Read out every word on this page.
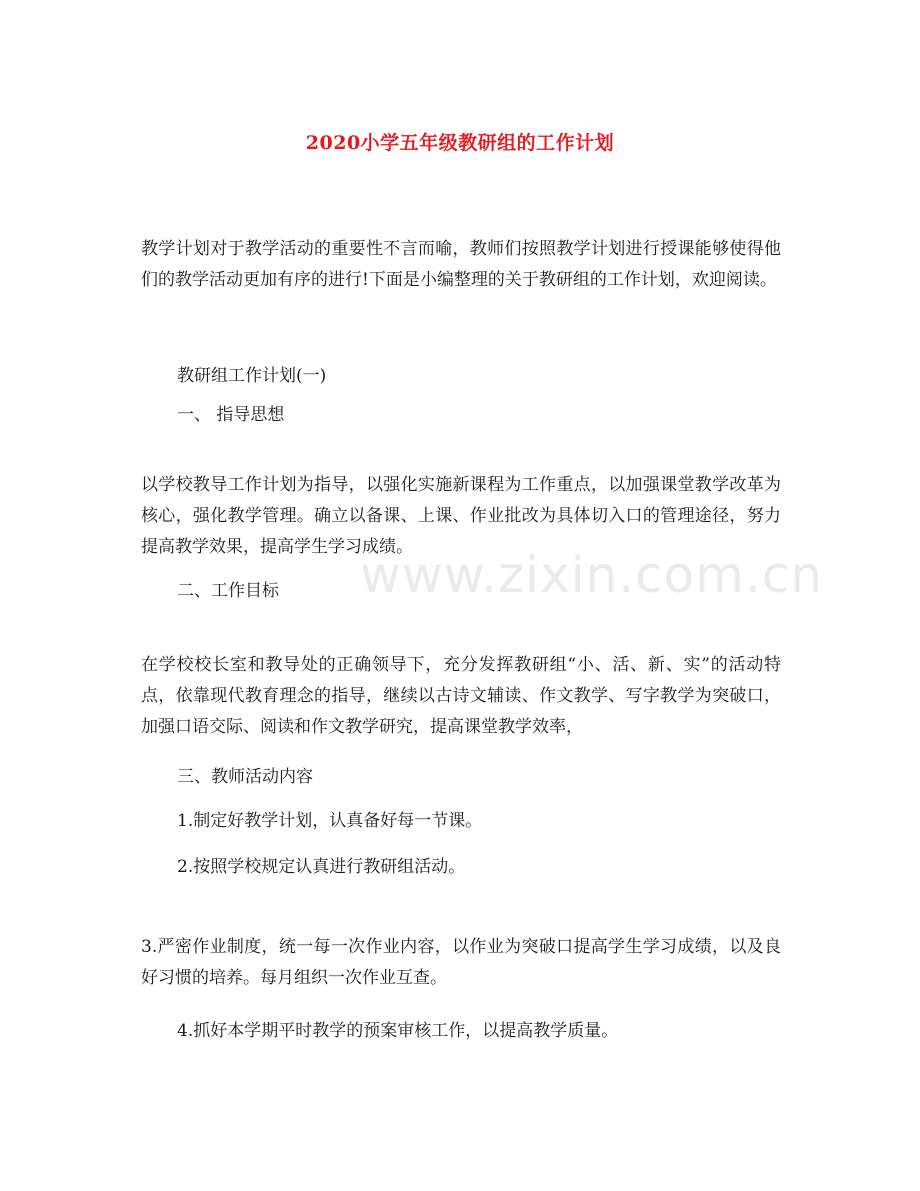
2020小学五年级教研组的工作计划

教学计划对于教学活动的重要性不言而喻，教师们按照教学计划进行授课能够使得他们的教学活动更加有序的进行!下面是小编整理的关于教研组的工作计划，欢迎阅读。

教研组工作计划(一)

一、 指导思想

以学校教导工作计划为指导，以强化实施新课程为工作重点，以加强课堂教学改革为核心，强化教学管理。确立以备课、上课、作业批改为具体切入口的管理途径，努力提高教学效果，提高学生学习成绩。

二、工作目标

在学校校长室和教导处的正确领导下，充分发挥教研组“小、活、新、实”的活动特点，依靠现代教育理念的指导，继续以古诗文辅读、作文教学、写字教学为突破口，加强口语交际、阅读和作文教学研究，提高课堂教学效率，

三、教师活动内容

1.制定好教学计划，认真备好每一节课。

2.按照学校规定认真进行教研组活动。

3.严密作业制度，统一每一次作业内容，以作业为突破口提高学生学习成绩，以及良好习惯的培养。每月组织一次作业互查。

4.抓好本学期平时教学的预案审核工作，以提高教学质量。

www.zixin.com.cn
